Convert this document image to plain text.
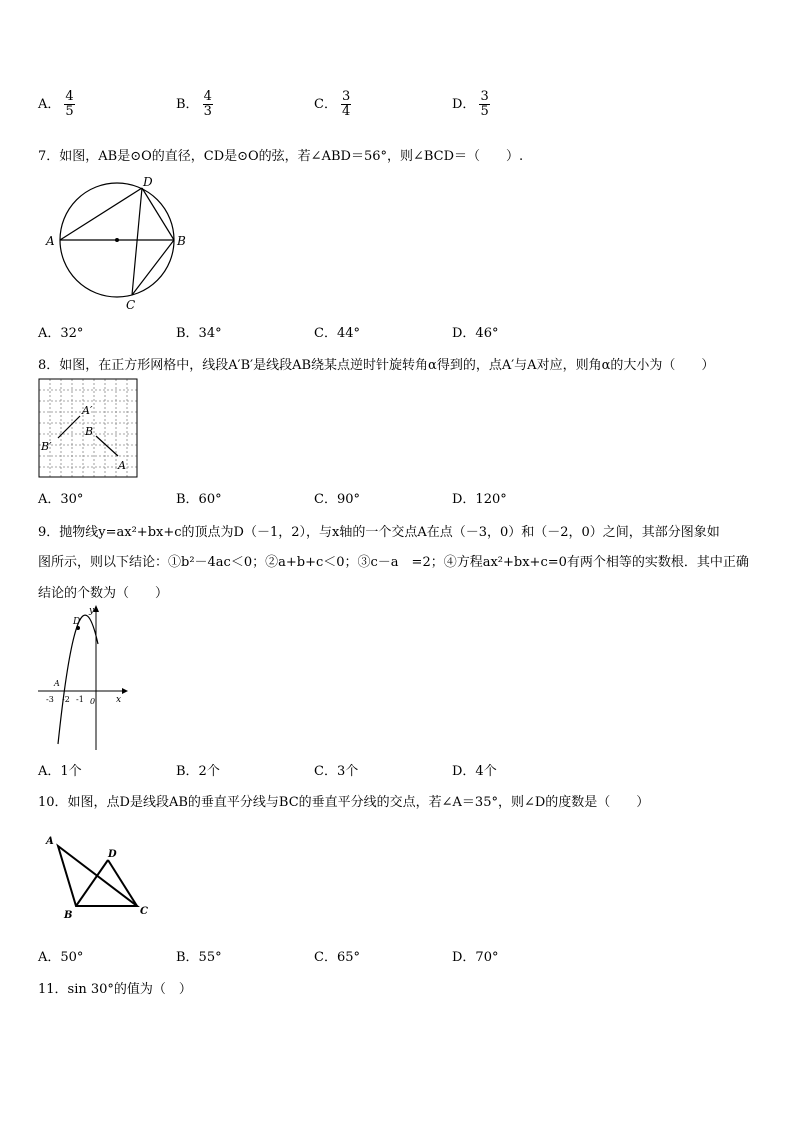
A． $\frac{4}{5}$	B． $\frac{4}{3}$	C． $\frac{3}{4}$	D． $\frac{3}{5}$
7．如图，AB是⊙O的直径，CD是⊙O的弦，若∠ABD＝56°，则∠BCD＝（　　）.
A	B
D
C
A．32°	B．34°	C．44°	D．46°
8．如图，在正方形网格中，线段A′B′是线段AB绕某点逆时针旋转角α得到的，点A′与A对应，则角α的大小为（　　）
A′
B′
B
A
A．30°	B．60°	C．90°	D．120°
9．抛物线y=ax²+bx+c的顶点为D（－1，2），与x轴的一个交点A在点（－3，0）和（－2，0）之间，其部分图象如
图所示，则以下结论：①b²－4ac＜0；②a+b+c＜0；③c－a　=2；④方程ax²+bx+c=0有两个相等的实数根．其中正确
结论的个数为（　　）
D
y
x
A
-3 -2 -1 0
A．1个	B．2个	C．3个	D．4个
10．如图，点D是线段AB的垂直平分线与BC的垂直平分线的交点，若∠A＝35°，则∠D的度数是（　　）
A
B	C
D
A．50°	B．55°	C．65°	D．70°
11．sin 30°的值为（　）
